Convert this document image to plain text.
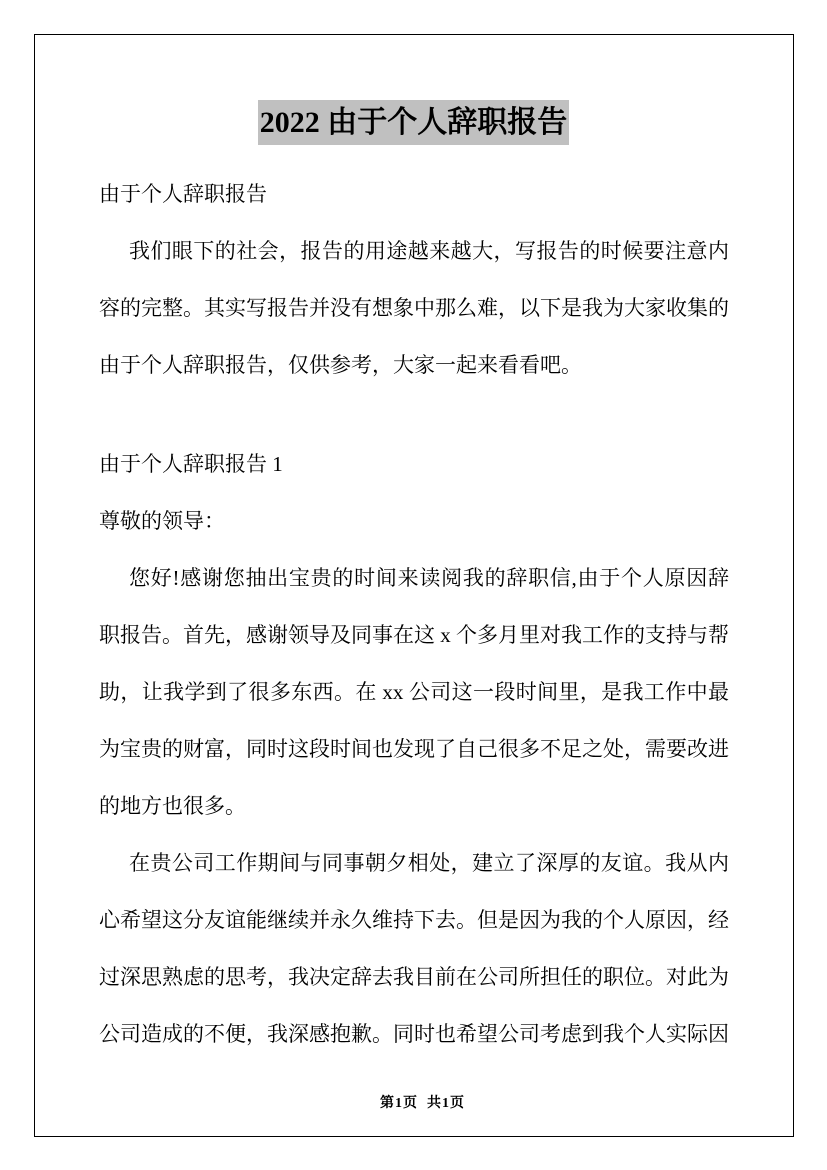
2022 由于个人辞职报告

由于个人辞职报告

我们眼下的社会，报告的用途越来越大，写报告的时候要注意内容的完整。其实写报告并没有想象中那么难，以下是我为大家收集的由于个人辞职报告，仅供参考，大家一起来看看吧。

由于个人辞职报告 1

尊敬的领导：

您好!感谢您抽出宝贵的时间来读阅我的辞职信,由于个人原因辞职报告。首先，感谢领导及同事在这 x 个多月里对我工作的支持与帮助，让我学到了很多东西。在 xx 公司这一段时间里，是我工作中最为宝贵的财富，同时这段时间也发现了自己很多不足之处，需要改进的地方也很多。

在贵公司工作期间与同事朝夕相处，建立了深厚的友谊。我从内心希望这分友谊能继续并永久维持下去。但是因为我的个人原因，经过深思熟虑的思考，我决定辞去我目前在公司所担任的职位。对此为公司造成的不便，我深感抱歉。同时也希望公司考虑到我个人实际因

第1页  共1页
